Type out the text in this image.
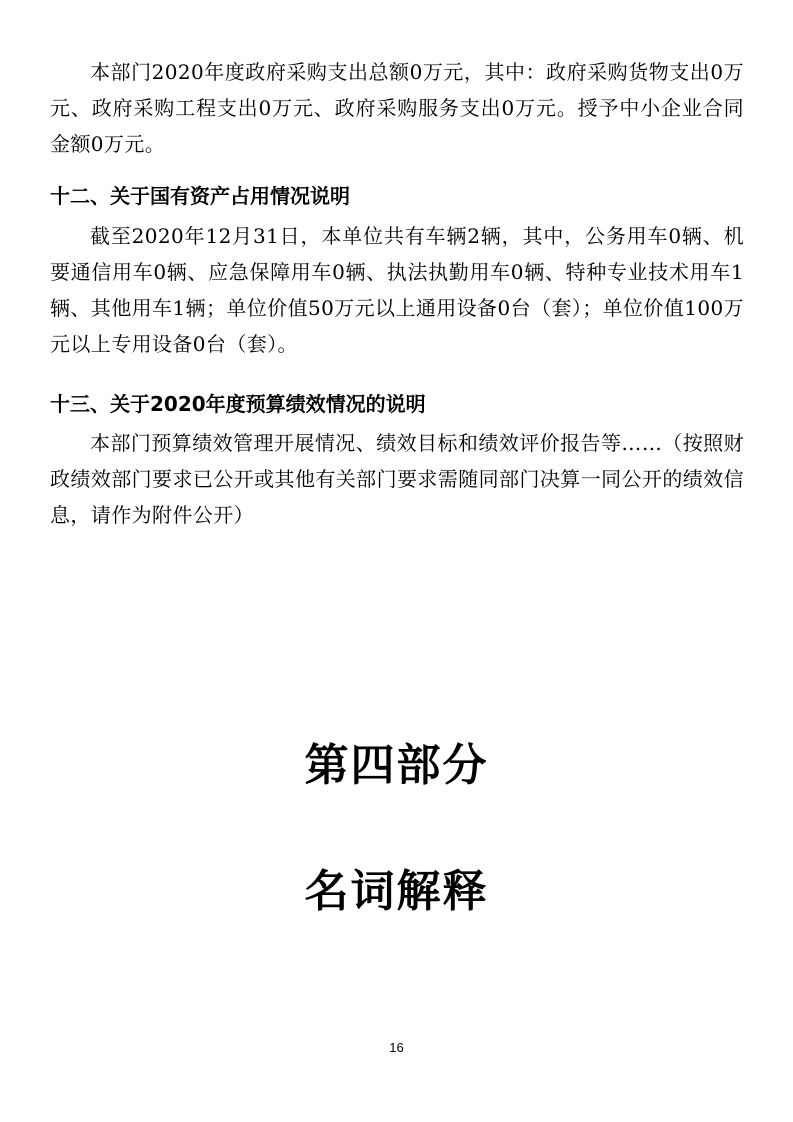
本部门2020年度政府采购支出总额0万元，其中：政府采购货物支出0万元、政府采购工程支出0万元、政府采购服务支出0万元。授予中小企业合同金额0万元。

十二、关于国有资产占用情况说明

截至2020年12月31日，本单位共有车辆2辆，其中，公务用车0辆、机要通信用车0辆、应急保障用车0辆、执法执勤用车0辆、特种专业技术用车1辆、其他用车1辆；单位价值50万元以上通用设备0台（套）；单位价值100万元以上专用设备0台（套）。

十三、关于2020年度预算绩效情况的说明

本部门预算绩效管理开展情况、绩效目标和绩效评价报告等……（按照财政绩效部门要求已公开或其他有关部门要求需随同部门决算一同公开的绩效信息，请作为附件公开）

第四部分
名词解释
16
